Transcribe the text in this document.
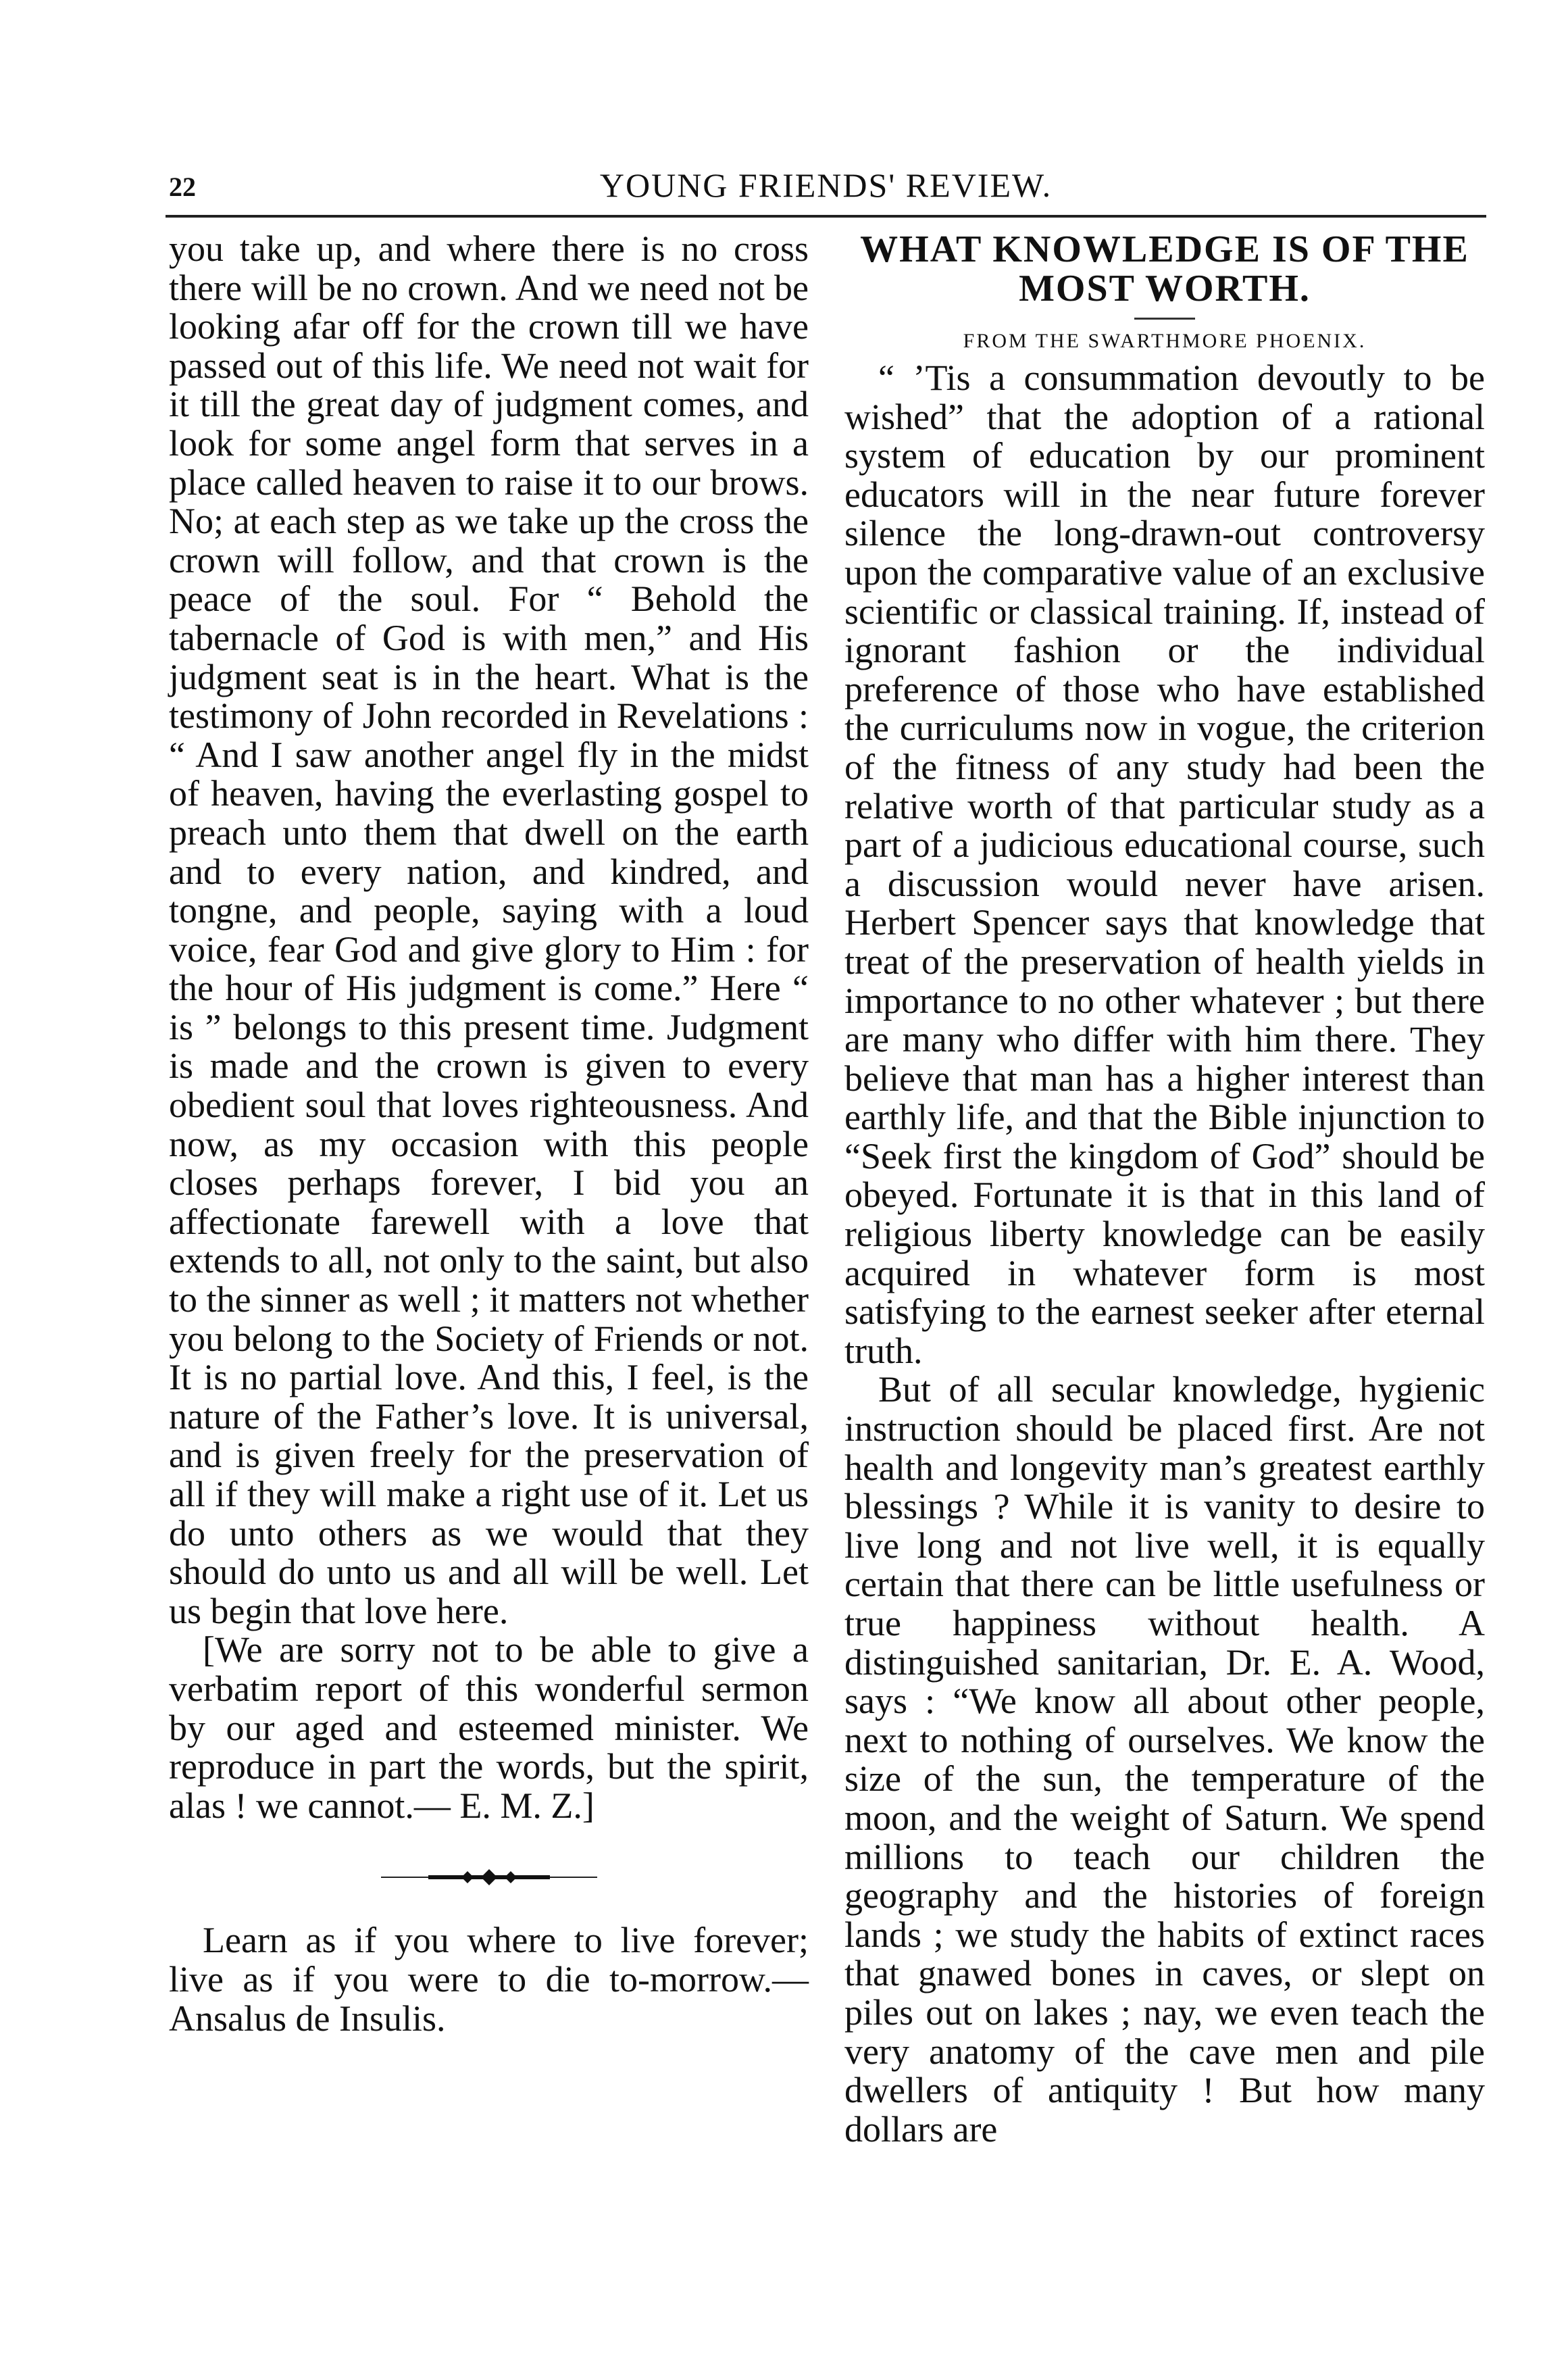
22	YOUNG FRIENDS' REVIEW.

you take up, and where there is no cross there will be no crown. And we need not be looking afar off for the crown till we have passed out of this life. We need not wait for it till the great day of judgment comes, and look for some angel form that serves in a place called heaven to raise it to our brows. No; at each step as we take up the cross the crown will follow, and that crown is the peace of the soul. For “ Behold the tabernacle of God is with men,” and His judgment seat is in the heart. What is the testimony of John recorded in Revelations : “ And I saw another angel fly in the midst of heaven, having the everlasting gospel to preach unto them that dwell on the earth and to every nation, and kindred, and tongne, and people, saying with a loud voice, fear God and give glory to Him : for the hour of His judgment is come.” Here “ is ” belongs to this present time. Judgment is made and the crown is given to every obedient soul that loves righteousness. And now, as my occasion with this people closes perhaps forever, I bid you an affectionate farewell with a love that extends to all, not only to the saint, but also to the sinner as well ; it matters not whether you belong to the Society of Friends or not. It is no partial love. And this, I feel, is the nature of the Father’s love. It is universal, and is given freely for the preservation of all if they will make a right use of it. Let us do unto others as we would that they should do unto us and all will be well. Let us begin that love here.

[We are sorry not to be able to give a verbatim report of this wonderful sermon by our aged and esteemed minister. We reproduce in part the words, but the spirit, alas ! we cannot.— E. M. Z.]

Learn as if you where to live forever; live as if you were to die to-morrow.— Ansalus de Insulis.

WHAT KNOWLEDGE IS OF THE MOST WORTH.
FROM THE SWARTHMORE PHOENIX.

“ ’Tis a consummation devoutly to be wished” that the adoption of a rational system of education by our prominent educators will in the near future forever silence the long-drawn-out controversy upon the comparative value of an exclusive scientific or classical training. If, instead of ignorant fashion or the individual preference of those who have established the curriculums now in vogue, the criterion of the fitness of any study had been the relative worth of that particular study as a part of a judicious educational course, such a discussion would never have arisen. Herbert Spencer says that knowledge that treat of the preservation of health yields in importance to no other whatever ; but there are many who differ with him there. They believe that man has a higher interest than earthly life, and that the Bible injunction to “Seek first the kingdom of God” should be obeyed. Fortunate it is that in this land of religious liberty knowledge can be easily acquired in whatever form is most satisfying to the earnest seeker after eternal truth.

But of all secular knowledge, hygienic instruction should be placed first. Are not health and longevity man’s greatest earthly blessings ? While it is vanity to desire to live long and not live well, it is equally certain that there can be little usefulness or true happiness without health. A distinguished sanitarian, Dr. E. A. Wood, says : “We know all about other people, next to nothing of ourselves. We know the size of the sun, the temperature of the moon, and the weight of Saturn. We spend millions to teach our children the geography and the histories of foreign lands ; we study the habits of extinct races that gnawed bones in caves, or slept on piles out on lakes ; nay, we even teach the very anatomy of the cave men and pile dwellers of antiquity ! But how many dollars are
